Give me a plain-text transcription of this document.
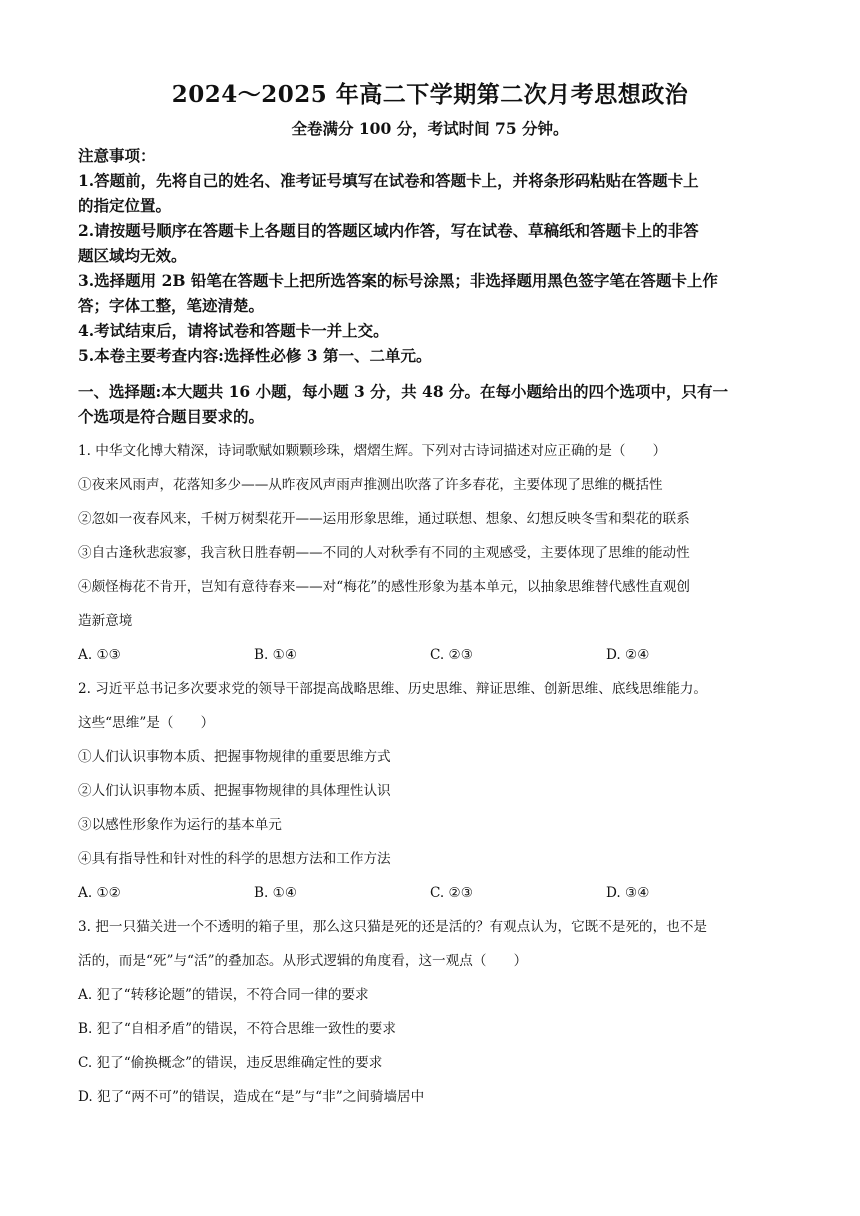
2024～2025 年高二下学期第二次月考思想政治
全卷满分 100 分，考试时间 75 分钟。

注意事项：

1.答题前，先将自己的姓名、准考证号填写在试卷和答题卡上，并将条形码粘贴在答题卡上

的指定位置。

2.请按题号顺序在答题卡上各题目的答题区域内作答，写在试卷、草稿纸和答题卡上的非答

题区域均无效。

3.选择题用 2B 铅笔在答题卡上把所选答案的标号涂黑；非选择题用黑色签字笔在答题卡上作

答；字体工整，笔迹清楚。

4.考试结束后，请将试卷和答题卡一并上交。

5.本卷主要考查内容:选择性必修 3 第一、二单元。

一、选择题:本大题共 16 小题，每小题 3 分，共 48 分。在每小题给出的四个选项中，只有一
个选项是符合题目要求的。

1. 中华文化博大精深，诗词歌赋如颗颗珍珠，熠熠生辉。下列对古诗词描述对应正确的是（　　）

①夜来风雨声，花落知多少——从昨夜风声雨声推测出吹落了许多春花，主要体现了思维的概括性

②忽如一夜春风来，千树万树梨花开——运用形象思维，通过联想、想象、幻想反映冬雪和梨花的联系

③自古逢秋悲寂寥，我言秋日胜春朝——不同的人对秋季有不同的主观感受，主要体现了思维的能动性

④颇怪梅花不肯开，岂知有意待春来——对“梅花”的感性形象为基本单元，以抽象思维替代感性直观创

造新意境

A. ①③	B. ①④	C. ②③	D. ②④

2. 习近平总书记多次要求党的领导干部提高战略思维、历史思维、辩证思维、创新思维、底线思维能力。

这些“思维”是（　　）

①人们认识事物本质、把握事物规律的重要思维方式

②人们认识事物本质、把握事物规律的具体理性认识

③以感性形象作为运行的基本单元

④具有指导性和针对性的科学的思想方法和工作方法

A. ①②	B. ①④	C. ②③	D. ③④

3. 把一只猫关进一个不透明的箱子里，那么这只猫是死的还是活的？有观点认为，它既不是死的，也不是

活的，而是“死”与“活”的叠加态。从形式逻辑的角度看，这一观点（　　）

A. 犯了“转移论题”的错误，不符合同一律的要求

B. 犯了“自相矛盾”的错误，不符合思维一致性的要求

C. 犯了“偷换概念”的错误，违反思维确定性的要求

D. 犯了“两不可”的错误，造成在“是”与“非”之间骑墙居中
